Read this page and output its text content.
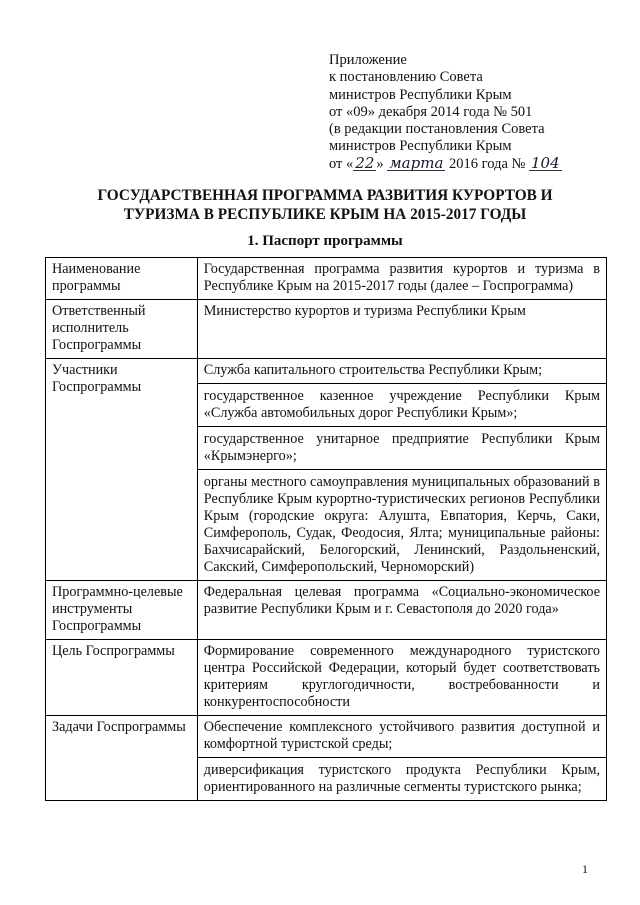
Приложение
к постановлению Совета
министров Республики Крым
от «09» декабря 2014 года № 501
(в редакции постановления Совета
министров Республики Крым
от « 22 » марта 2016 года № 104
ГОСУДАРСТВЕННАЯ ПРОГРАММА РАЗВИТИЯ КУРОРТОВ И
ТУРИЗМА В РЕСПУБЛИКЕ КРЫМ НА 2015-2017 ГОДЫ
1. Паспорт программы
Наименование программы	Государственная программа развития курортов и туризма в Республике Крым на 2015-2017 годы (далее – Госпрограмма)

Ответственный исполнитель Госпрограммы	Министерство курортов и туризма Республики Крым

Участники Госпрограммы	Служба капитального строительства Республики Крым;
государственное казенное учреждение Республики Крым «Служба автомобильных дорог Республики Крым»;
государственное унитарное предприятие Республики Крым «Крымэнерго»;
органы местного самоуправления муниципальных образований в Республике Крым курортно-туристических регионов Республики Крым (городские округа: Алушта, Евпатория, Керчь, Саки, Симферополь, Судак, Феодосия, Ялта; муниципальные районы: Бахчисарайский, Белогорский, Ленинский, Раздольненский, Сакский, Симферопольский, Черноморский)

Программно-целевые инструменты Госпрограммы	Федеральная целевая программа «Социально-экономическое развитие Республики Крым и г. Севастополя до 2020 года»

Цель Госпрограммы	Формирование современного международного туристского центра Российской Федерации, который будет соответствовать критериям круглогодичности, востребованности и конкурентоспособности

Задачи Госпрограммы	Обеспечение комплексного устойчивого развития доступной и комфортной туристской среды;
диверсификация туристского продукта Республики Крым, ориентированного на различные сегменты туристского рынка;
1
